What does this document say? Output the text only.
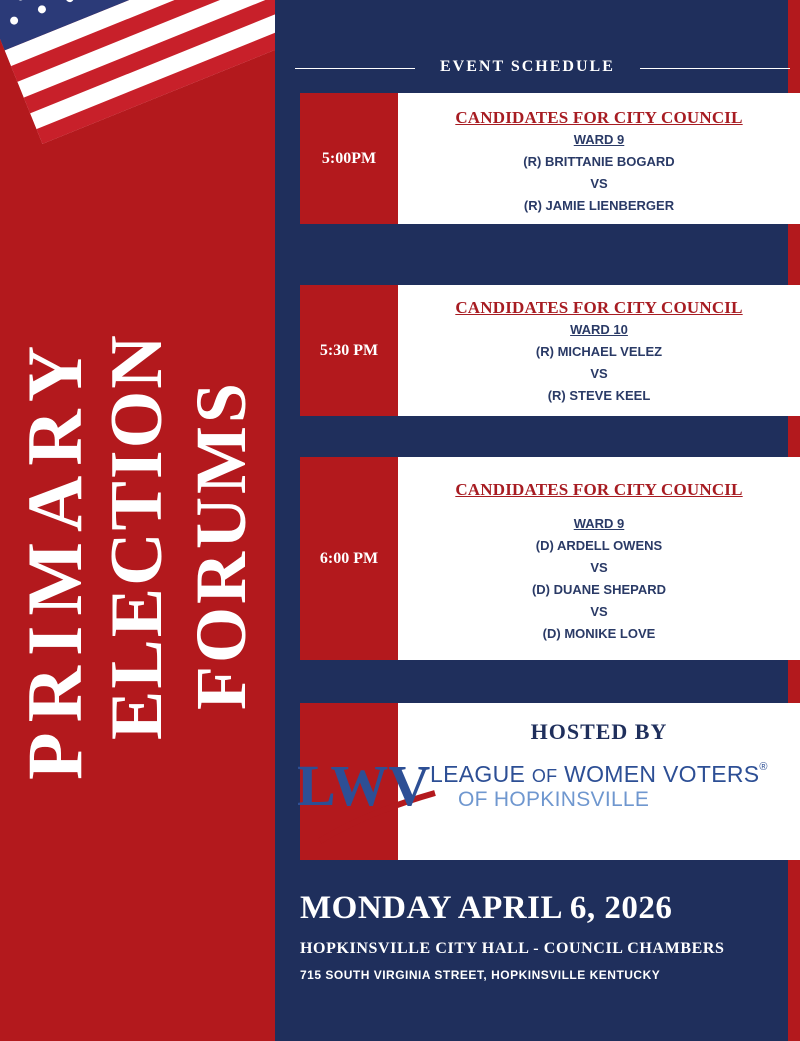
PRIMARY
ELECTION FORUMS
EVENT SCHEDULE
5:00PM
CANDIDATES FOR CITY COUNCIL
WARD 9
(R) BRITTANIE BOGARD
VS
(R) JAMIE LIENBERGER
5:30 PM
CANDIDATES FOR CITY COUNCIL
WARD 10
(R) MICHAEL VELEZ
VS
(R) STEVE KEEL
6:00 PM
CANDIDATES FOR CITY COUNCIL
WARD 9
(D) ARDELL OWENS
VS
(D) DUANE SHEPARD
VS
(D) MONIKE LOVE
HOSTED BY
LWV LEAGUE OF WOMEN VOTERS®
OF HOPKINSVILLE
MONDAY APRIL 6, 2026
HOPKINSVILLE CITY HALL - COUNCIL CHAMBERS
715 SOUTH VIRGINIA STREET, HOPKINSVILLE KENTUCKY
